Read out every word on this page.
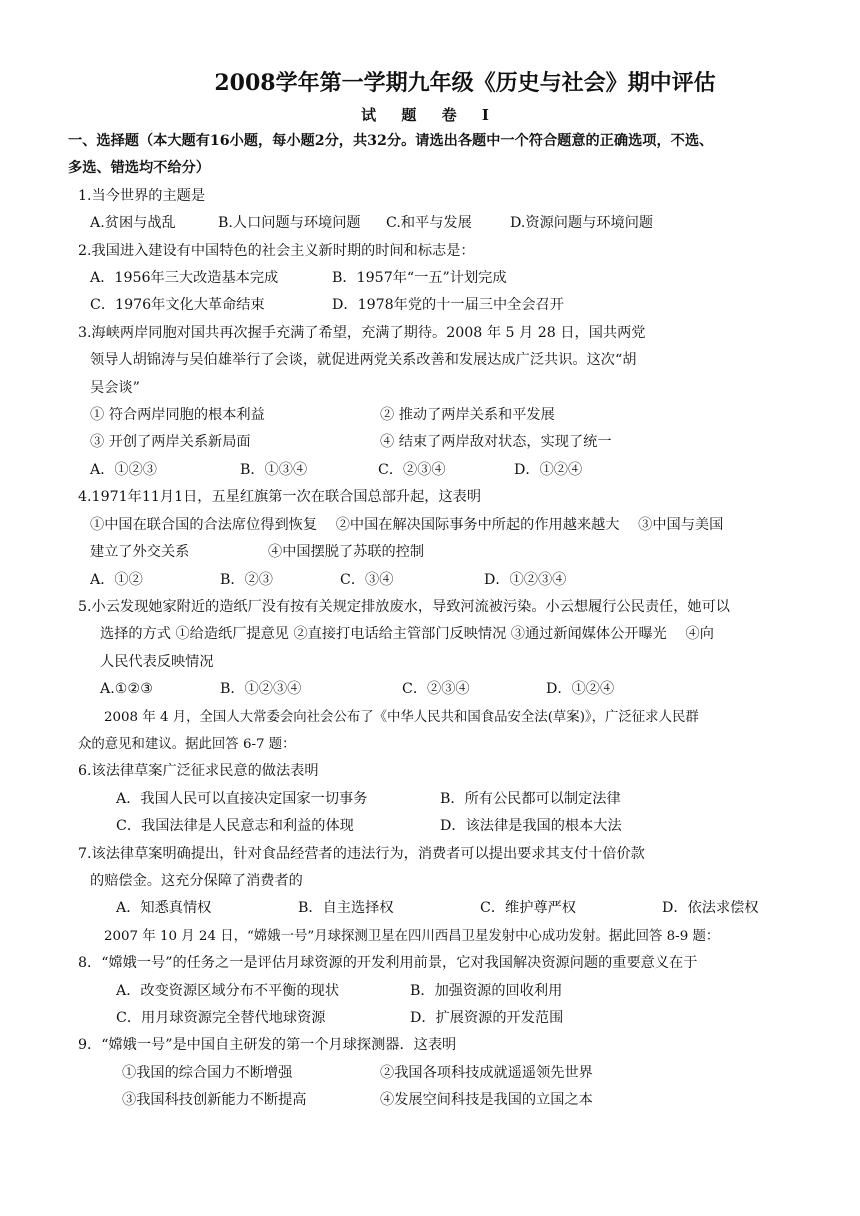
2008学年第一学期九年级《历史与社会》期中评估
试 题 卷 I
一、选择题（本大题有16小题，每小题2分，共32分。请选出各题中一个符合题意的正确选项，不选、
多选、错选均不给分）
1.当今世界的主题是
A.贫困与战乱	B.人口问题与环境问题 C.和平与发展	D.资源问题与环境问题
2.我国进入建设有中国特色的社会主义新时期的时间和标志是：
A．1956年三大改造基本完成	B．1957年“一五”计划完成
C．1976年文化大革命结束	D．1978年党的十一届三中全会召开
3.海峡两岸同胞对国共再次握手充满了希望，充满了期待。2008 年 5 月 28 日，国共两党
领导人胡锦涛与吴伯雄举行了会谈，就促进两党关系改善和发展达成广泛共识。这次“胡
吴会谈”
① 符合两岸同胞的根本利益	② 推动了两岸关系和平发展
③ 开创了两岸关系新局面	④ 结束了两岸敌对状态，实现了统一
A．①②③	B．①③④	C．②③④	D．①②④
4.1971年11月1日，五星红旗第一次在联合国总部升起，这表明
①中国在联合国的合法席位得到恢复　 ②中国在解决国际事务中所起的作用越来越大　 ③中国与美国
建立了外交关系	④中国摆脱了苏联的控制
A．①②	B．②③	C．③④	D．①②③④
5.小云发现她家附近的造纸厂没有按有关规定排放废水，导致河流被污染。小云想履行公民责任，她可以
选择的方式 ①给造纸厂提意见 ②直接打电话给主管部门反映情况 ③通过新闻媒体公开曝光　 ④向
人民代表反映情况
A.①②③	B．①②③④	C．②③④	D．①②④
2008 年 4 月，全国人大常委会向社会公布了《中华人民共和国食品安全法(草案)》，广泛征求人民群
众的意见和建议。据此回答 6-7 题：
6.该法律草案广泛征求民意的做法表明
A．我国人民可以直接决定国家一切事务	B．所有公民都可以制定法律
C．我国法律是人民意志和利益的体现	D．该法律是我国的根本大法
7.该法律草案明确提出，针对食品经营者的违法行为，消费者可以提出要求其支付十倍价款
的赔偿金。这充分保障了消费者的
A．知悉真情权	B．自主选择权	C．维护尊严权	D．依法求偿权
2007 年 10 月 24 日，“嫦娥一号”月球探测卫星在四川西昌卫星发射中心成功发射。据此回答 8-9 题：
8．“嫦娥一号”的任务之一是评估月球资源的开发利用前景，它对我国解决资源问题的重要意义在于
A．改变资源区域分布不平衡的现状	B．加强资源的回收利用
C．用月球资源完全替代地球资源	D．扩展资源的开发范围
9．“嫦娥一号”是中国自主研发的第一个月球探测器．这表明
①我国的综合国力不断增强	②我国各项科技成就遥遥领先世界
③我国科技创新能力不断提高	④发展空间科技是我国的立国之本
